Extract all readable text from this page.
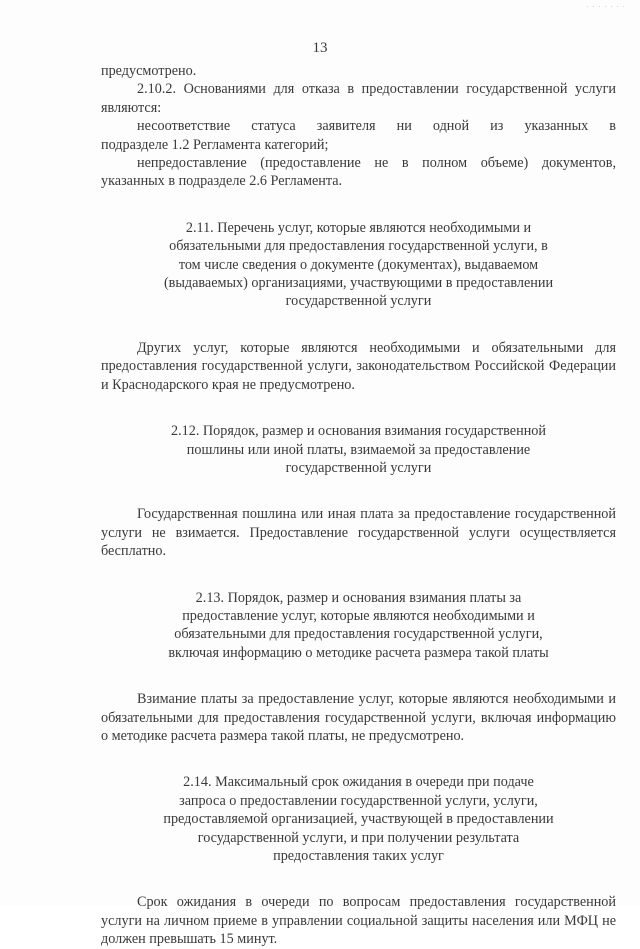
· · · · · · ·
13

предусмотрено.

2.10.2. Основаниями для отказа в предоставлении государственной услуги являются:

несоответствие статуса заявителя ни одной из указанных в

подразделе 1.2 Регламента категорий;

непредоставление (предоставление не в полном объеме) документов, указанных в подразделе 2.6 Регламента.

2.11. Перечень услуг, которые являются необходимыми и
обязательными для предоставления государственной услуги, в
том числе сведения о документе (документах), выдаваемом
(выдаваемых) организациями, участвующими в предоставлении
государственной услуги

Других услуг, которые являются необходимыми и обязательными для предоставления государственной услуги, законодательством Российской Федерации и Краснодарского края не предусмотрено.

2.12. Порядок, размер и основания взимания государственной
пошлины или иной платы, взимаемой за предоставление
государственной услуги

Государственная пошлина или иная плата за предоставление государственной услуги не взимается. Предоставление государственной услуги осуществляется бесплатно.

2.13. Порядок, размер и основания взимания платы за
предоставление услуг, которые являются необходимыми и
обязательными для предоставления государственной услуги,
включая информацию о методике расчета размера такой платы

Взимание платы за предоставление услуг, которые являются необходимыми и обязательными для предоставления государственной услуги, включая информацию о методике расчета размера такой платы, не предусмотрено.

2.14. Максимальный срок ожидания в очереди при подаче
запроса о предоставлении государственной услуги, услуги,
предоставляемой организацией, участвующей в предоставлении
государственной услуги, и при получении результата
предоставления таких услуг

Срок ожидания в очереди по вопросам предоставления государственной услуги на личном приеме в управлении социальной защиты населения или МФЦ не должен превышать 15 минут.
